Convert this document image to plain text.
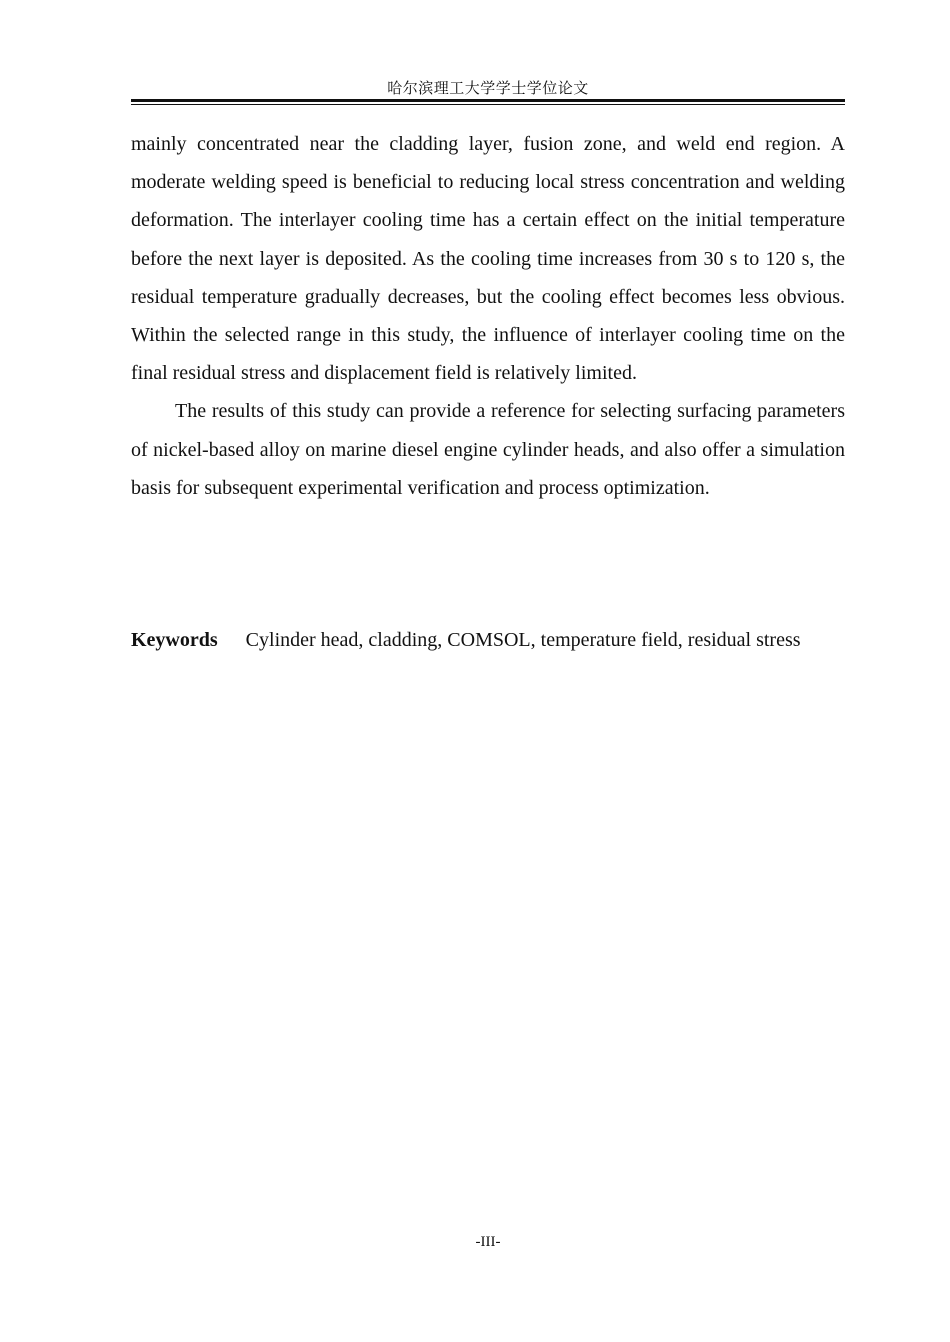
哈尔滨理工大学学士学位论文

mainly concentrated near the cladding layer, fusion zone, and weld end region. A moderate welding speed is beneficial to reducing local stress concentration and welding deformation. The interlayer cooling time has a certain effect on the initial temperature before the next layer is deposited. As the cooling time increases from 30 s to 120 s, the residual temperature gradually decreases, but the cooling effect becomes less obvious. Within the selected range in this study, the influence of interlayer cooling time on the final residual stress and displacement field is relatively limited.

The results of this study can provide a reference for selecting surfacing parameters of nickel-based alloy on marine diesel engine cylinder heads, and also offer a simulation basis for subsequent experimental verification and process optimization.

Keywords Cylinder head, cladding, COMSOL, temperature field, residual stress
-III-
